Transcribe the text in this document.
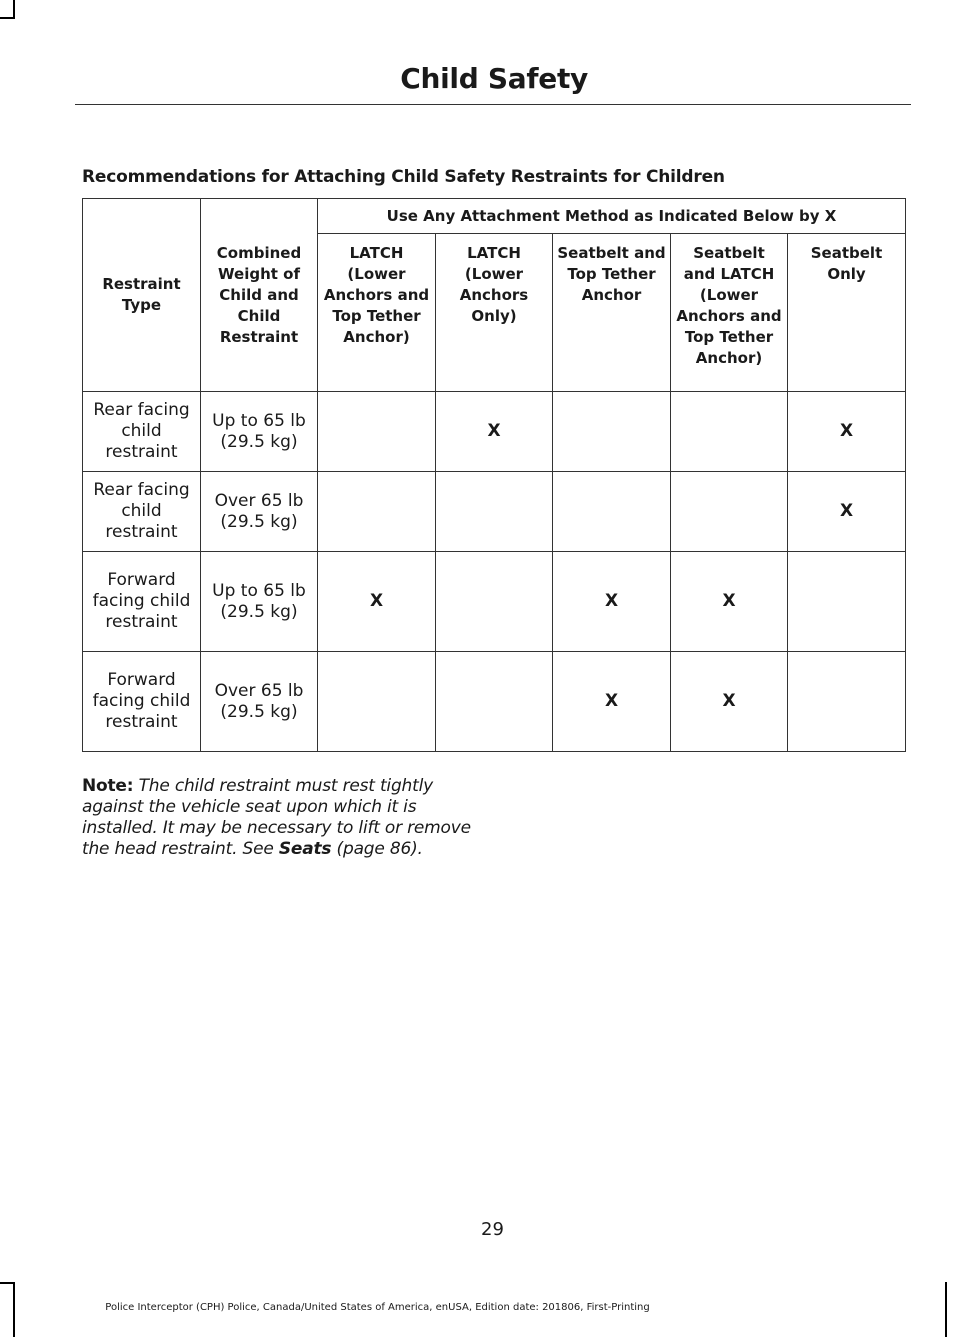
Child Safety
Recommendations for Attaching Child Safety Restraints for Children
Restraint Type	Combined Weight of Child and Child Restraint	Use Any Attachment Method as Indicated Below by X				
		LATCH (Lower Anchors and Top Tether Anchor)	LATCH (Lower Anchors Only)	Seatbelt and Top Tether Anchor	Seatbelt and LATCH (Lower Anchors and Top Tether Anchor)	Seatbelt Only
Rear facing child restraint	Up to 65 lb (29.5 kg)		X			X
Rear facing child restraint	Over 65 lb (29.5 kg)					X
Forward facing child restraint	Up to 65 lb (29.5 kg)	X		X	X	
Forward facing child restraint	Over 65 lb (29.5 kg)			X	X	
Note: The child restraint must rest tightly against the vehicle seat upon which it is installed. It may be necessary to lift or remove the head restraint. See Seats (page 86).
29
Police Interceptor (CPH) Police, Canada/United States of America, enUSA, Edition date: 201806, First-Printing
